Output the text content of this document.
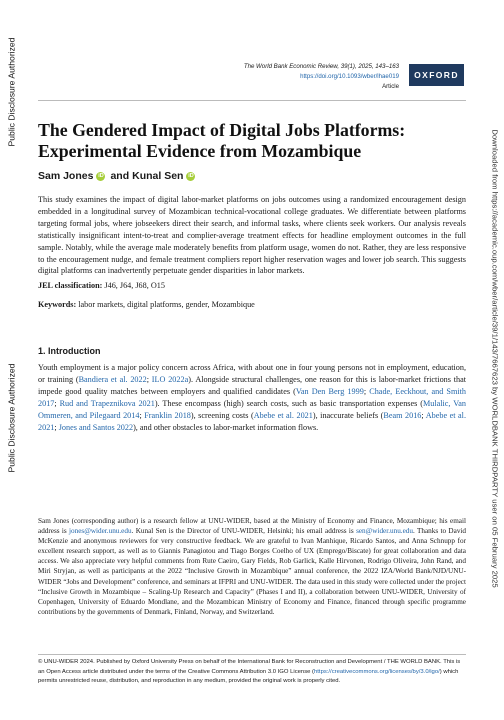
Public Disclosure Authorized
Public Disclosure Authorized	Downloaded from https://academic.oup.com/wber/article/39/1/143/7667623 by WORLDBANK THIRDPARTY user on 05 February 2025
The World Bank Economic Review, 39(1), 2025, 143–163
https://doi.org/10.1093/wber/lhae019
Article
OXFORD
The Gendered Impact of Digital Jobs Platforms: Experimental Evidence from Mozambique
Sam Jones iD and Kunal Sen iD
This study examines the impact of digital labor-market platforms on jobs outcomes using a randomized encouragement design embedded in a longitudinal survey of Mozambican technical-vocational college graduates. We differentiate between platforms targeting formal jobs, where jobseekers direct their search, and informal tasks, where clients seek workers. Our analysis reveals statistically insignificant intent-to-treat and complier-average treatment effects for headline employment outcomes in the full sample. Notably, while the average male moderately benefits from platform usage, women do not. Rather, they are less responsive to the encouragement nudge, and female treatment compliers report higher reservation wages and lower job search. This suggests digital platforms can inadvertently perpetuate gender disparities in labor markets.
JEL classification: J46, J64, J68, O15
Keywords: labor markets, digital platforms, gender, Mozambique
1. Introduction
Youth employment is a major policy concern across Africa, with about one in four young persons not in employment, education, or training (Bandiera et al. 2022; ILO 2022a). Alongside structural challenges, one reason for this is labor-market frictions that impede good quality matches between employers and qualified candidates (Van Den Berg 1999; Chade, Eeckhout, and Smith 2017; Rud and Trapeznikova 2021). These encompass (high) search costs, such as basic transportation expenses (Mulalic, Van Ommeren, and Pilegaard 2014; Franklin 2018), screening costs (Abebe et al. 2021), inaccurate beliefs (Beam 2016; Abebe et al. 2021; Jones and Santos 2022), and other obstacles to labor-market information flows.
Sam Jones (corresponding author) is a research fellow at UNU-WIDER, based at the Ministry of Economy and Finance, Mozambique; his email address is jones@wider.unu.edu. Kunal Sen is the Director of UNU-WIDER, Helsinki; his email address is sen@wider.unu.edu. Thanks to David McKenzie and anonymous reviewers for very constructive feedback. We are grateful to Ivan Manhique, Ricardo Santos, and Anna Schnupp for excellent research support, as well as to Giannis Panagiotou and Tiago Borges Coelho of UX (Emprego/Biscate) for great collaboration and data access. We also appreciate very helpful comments from Rute Caeiro, Gary Fields, Rob Garlick, Kalle Hirvonen, Rodrigo Oliveira, John Rand, and Miri Stryjan, as well as participants at the 2022 “Inclusive Growth in Mozambique” annual conference, the 2022 IZA/World Bank/NJD/UNU-WIDER “Jobs and Development” conference, and seminars at IFPRI and UNU-WIDER. The data used in this study were collected under the project “Inclusive Growth in Mozambique – Scaling-Up Research and Capacity” (Phases I and II), a collaboration between UNU-WIDER, University of Copenhagen, University of Eduardo Mondlane, and the Mozambican Ministry of Economy and Finance, financed through specific programme contributions by the governments of Denmark, Finland, Norway, and Switzerland.
© UNU-WIDER 2024. Published by Oxford University Press on behalf of the International Bank for Reconstruction and Development / THE WORLD BANK. This is an Open Access article distributed under the terms of the Creative Commons Attribution 3.0 IGO License (https://creativecommons.org/licenses/by/3.0/igo/) which permits unrestricted reuse, distribution, and reproduction in any medium, provided the original work is properly cited.
